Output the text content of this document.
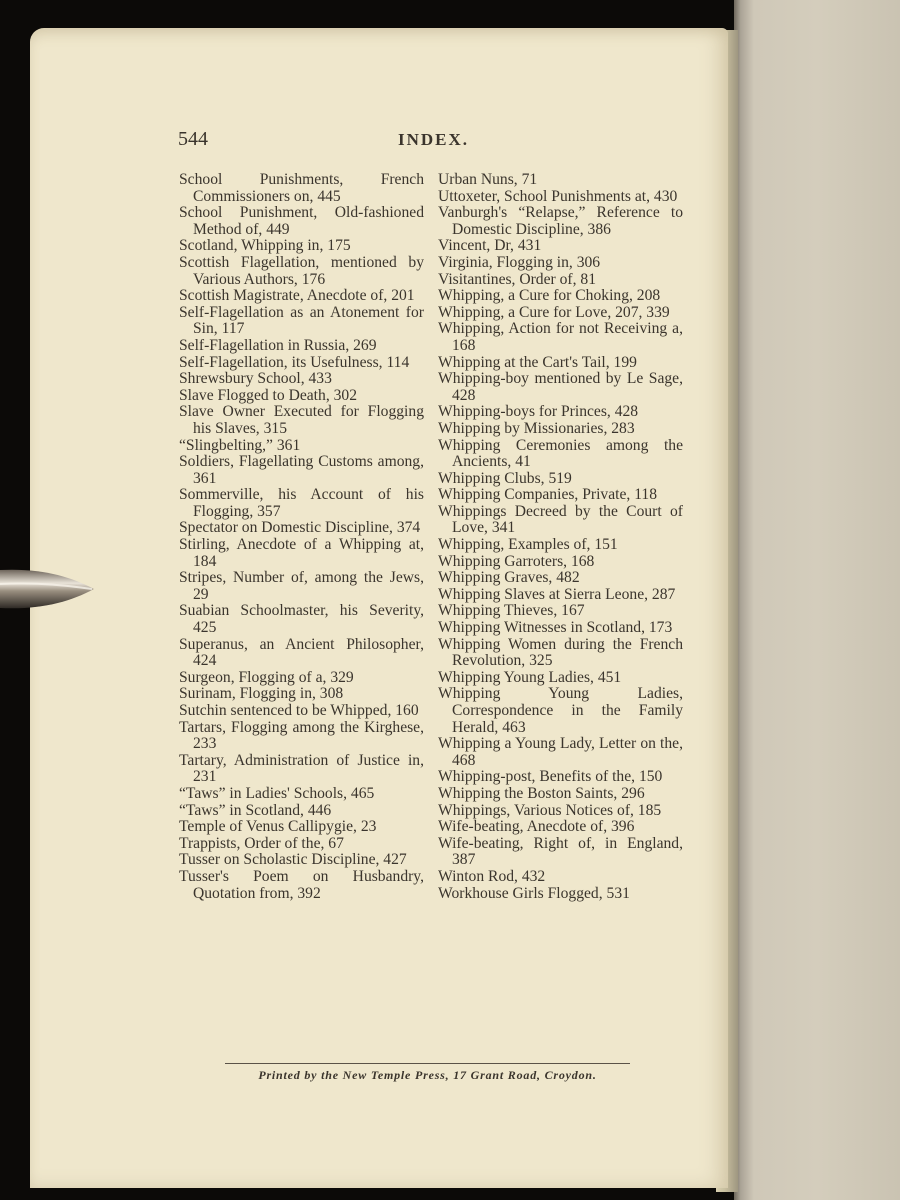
544	INDEX.

School Punishments, French Commissioners on, 445

School Punishment, Old-fashioned Method of, 449

Scotland, Whipping in, 175

Scottish Flagellation, mentioned by Various Authors, 176

Scottish Magistrate, Anecdote of, 201

Self-Flagellation as an Atonement for Sin, 117

Self-Flagellation in Russia, 269

Self-Flagellation, its Usefulness, 114

Shrewsbury School, 433

Slave Flogged to Death, 302

Slave Owner Executed for Flogging his Slaves, 315

“Slingbelting,” 361

Soldiers, Flagellating Customs among, 361

Sommerville, his Account of his Flogging, 357

Spectator on Domestic Discipline, 374

Stirling, Anecdote of a Whipping at, 184

Stripes, Number of, among the Jews, 29

Suabian Schoolmaster, his Severity, 425

Superanus, an Ancient Philosopher, 424

Surgeon, Flogging of a, 329

Surinam, Flogging in, 308

Sutchin sentenced to be Whipped, 160

Tartars, Flogging among the Kirghese, 233

Tartary, Administration of Justice in, 231

“Taws” in Ladies' Schools, 465

“Taws” in Scotland, 446

Temple of Venus Callipygie, 23

Trappists, Order of the, 67

Tusser on Scholastic Discipline, 427

Tusser's Poem on Husbandry, Quotation from, 392

Urban Nuns, 71

Uttoxeter, School Punishments at, 430

Vanburgh's “Relapse,” Reference to Domestic Discipline, 386

Vincent, Dr, 431

Virginia, Flogging in, 306

Visitantines, Order of, 81

Whipping, a Cure for Choking, 208

Whipping, a Cure for Love, 207, 339

Whipping, Action for not Receiving a, 168

Whipping at the Cart's Tail, 199

Whipping-boy mentioned by Le Sage, 428

Whipping-boys for Princes, 428

Whipping by Missionaries, 283

Whipping Ceremonies among the Ancients, 41

Whipping Clubs, 519

Whipping Companies, Private, 118

Whippings Decreed by the Court of Love, 341

Whipping, Examples of, 151

Whipping Garroters, 168

Whipping Graves, 482

Whipping Slaves at Sierra Leone, 287

Whipping Thieves, 167

Whipping Witnesses in Scotland, 173

Whipping Women during the French Revolution, 325

Whipping Young Ladies, 451

Whipping Young Ladies, Correspondence in the Family Herald, 463

Whipping a Young Lady, Letter on the, 468

Whipping-post, Benefits of the, 150

Whipping the Boston Saints, 296

Whippings, Various Notices of, 185

Wife-beating, Anecdote of, 396

Wife-beating, Right of, in England, 387

Winton Rod, 432

Workhouse Girls Flogged, 531

Printed by the New Temple Press, 17 Grant Road, Croydon.
